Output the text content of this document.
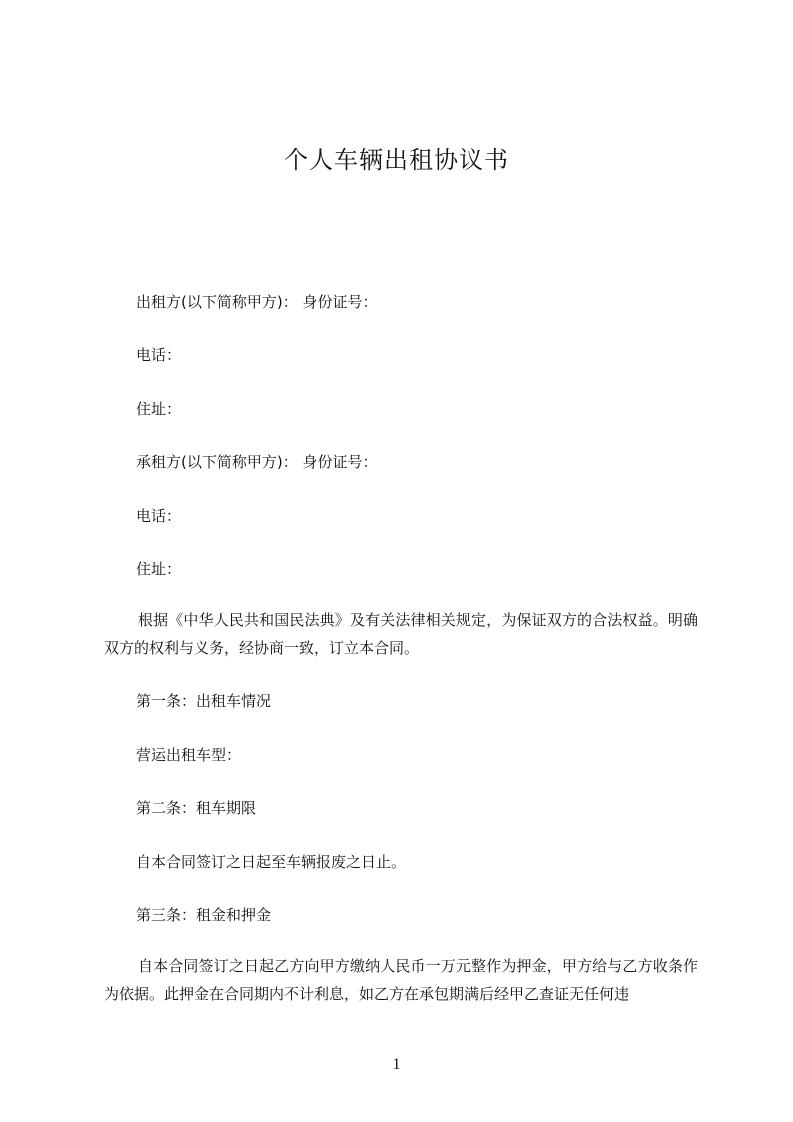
个人车辆出租协议书
出租方(以下简称甲方)： 身份证号：
电话：
住址：
承租方(以下简称甲方)： 身份证号：
电话：
住址：
根据《中华人民共和国民法典》及有关法律相关规定，为保证双方的合法权益。明确双方的权利与义务，经协商一致，订立本合同。
第一条：出租车情况
营运出租车型：
第二条：租车期限
自本合同签订之日起至车辆报废之日止。
第三条：租金和押金
自本合同签订之日起乙方向甲方缴纳人民币一万元整作为押金，甲方给与乙方收条作为依据。此押金在合同期内不计利息，如乙方在承包期满后经甲乙查证无任何违
1
